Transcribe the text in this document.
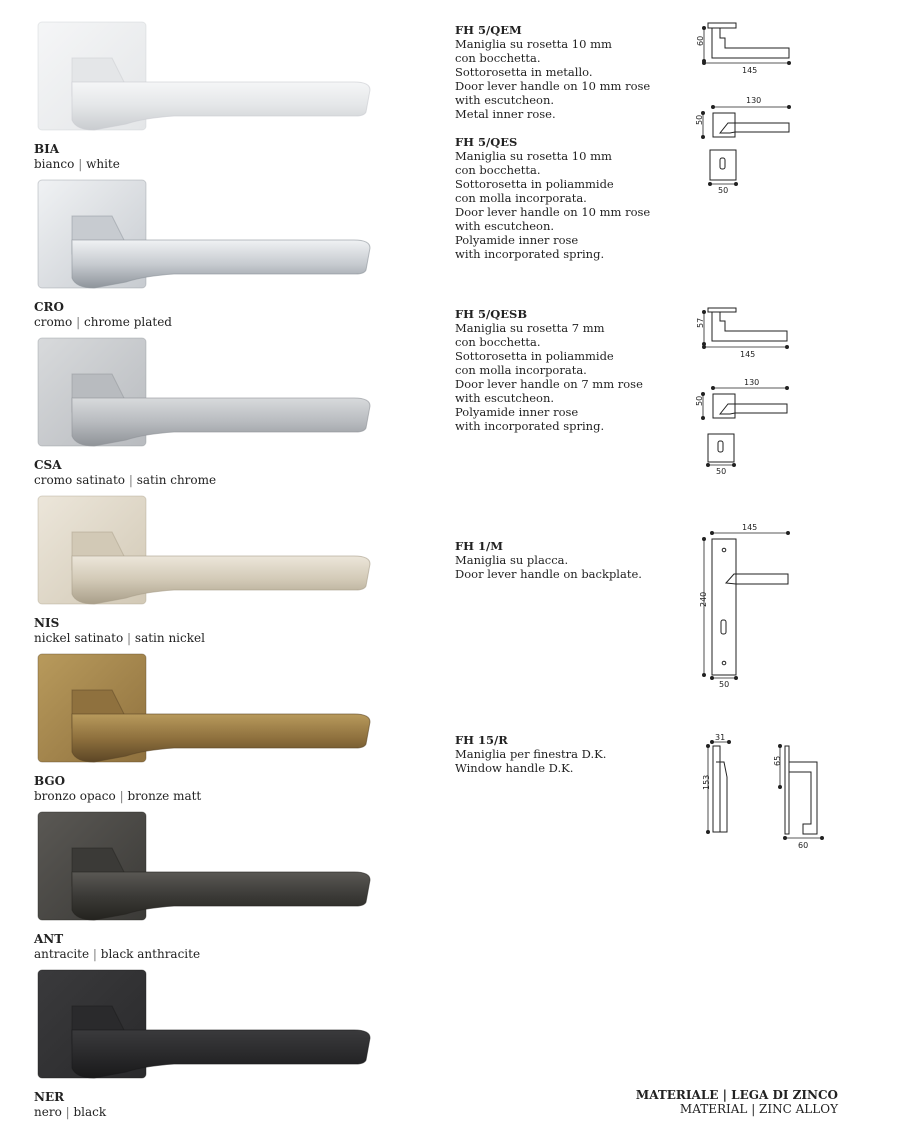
BIA
bianco | white
CRO
cromo | chrome plated
CSA
cromo satinato | satin chrome
NIS
nickel satinato | satin nickel
BGO
bronzo opaco | bronze matt
ANT
antracite | black anthracite
NER
nero | black
FH 5/QEM
Maniglia su rosetta 10 mm
con bocchetta.
Sottorosetta in metallo.
Door lever handle on 10 mm rose
with escutcheon.
Metal inner rose.
FH 5/QES
Maniglia su rosetta 10 mm
con bocchetta.
Sottorosetta in poliammide
con molla incorporata.
Door lever handle on 10 mm rose
with escutcheon.
Polyamide inner rose
with incorporated spring.
FH 5/QESB
Maniglia su rosetta 7 mm
con bocchetta.
Sottorosetta in poliammide
con molla incorporata.
Door lever handle on 7 mm rose
with escutcheon.
Polyamide inner rose
with incorporated spring.
FH 1/M
Maniglia su placca.
Door lever handle on backplate.
FH 15/R
Maniglia per finestra D.K.
Window handle D.K.
60
145
130
50
50
57
145
130
50
50
145
240
50
31
153
65
60
MATERIALE | LEGA DI ZINCO
MATERIAL | ZINC ALLOY
